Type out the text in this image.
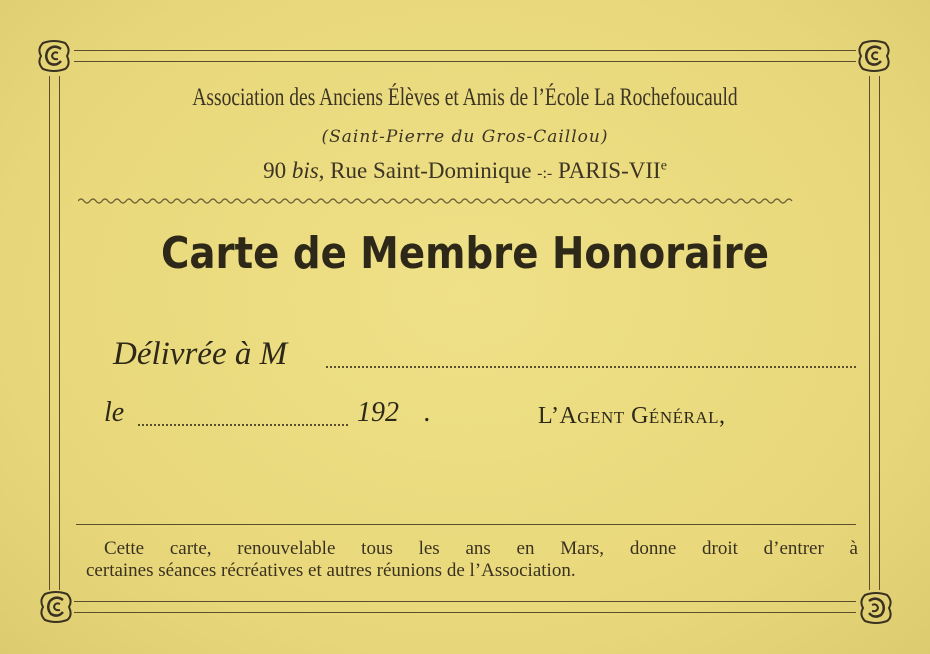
Association des Anciens Élèves et Amis de l’École La Rochefoucauld
(Saint-Pierre du Gros-Caillou)
90 bis, Rue Saint-Dominique -:- PARIS-VIIe
Carte de Membre Honoraire
Délivrée à M
le	192 .	L’Agent Général,
Cette carte, renouvelable tous les ans en Mars, donne droit d’entrer à
certaines séances récréatives et autres réunions de l’Association.
